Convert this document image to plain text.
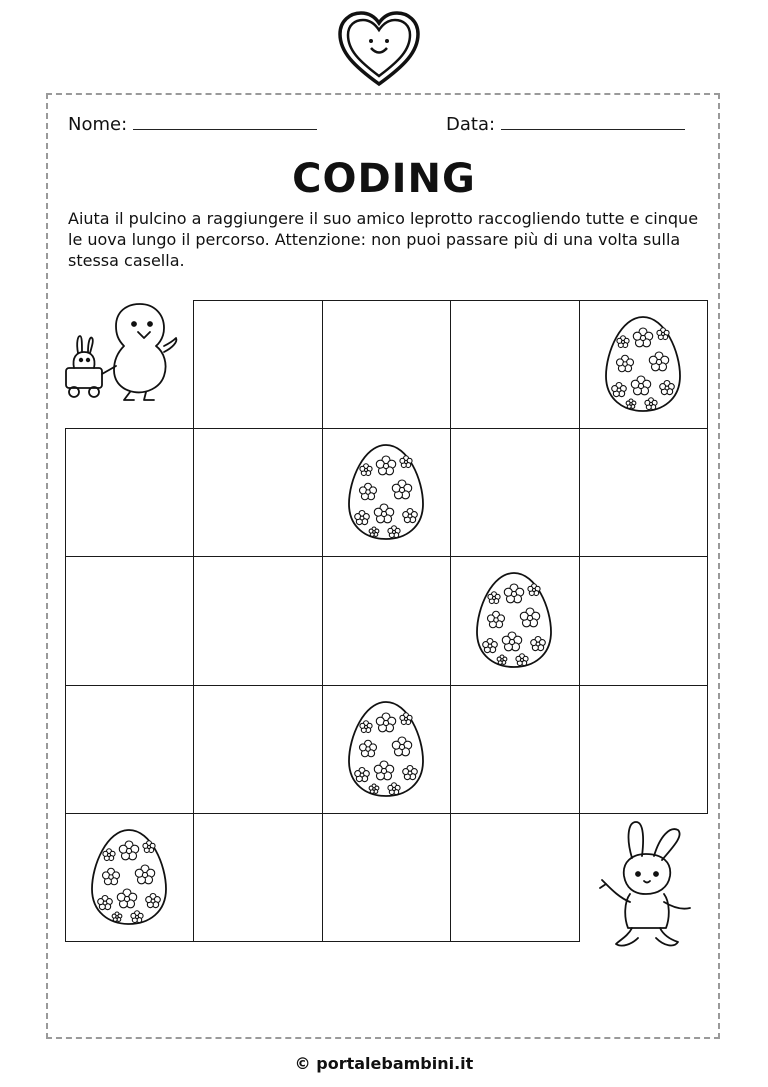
Nome:	Data:
CODING

Aiuta il pulcino a raggiungere il suo amico leprotto raccogliendo tutte e cinque le uova lungo il percorso. Attenzione: non puoi passare più di una volta sulla stessa casella.

© portalebambini.it
